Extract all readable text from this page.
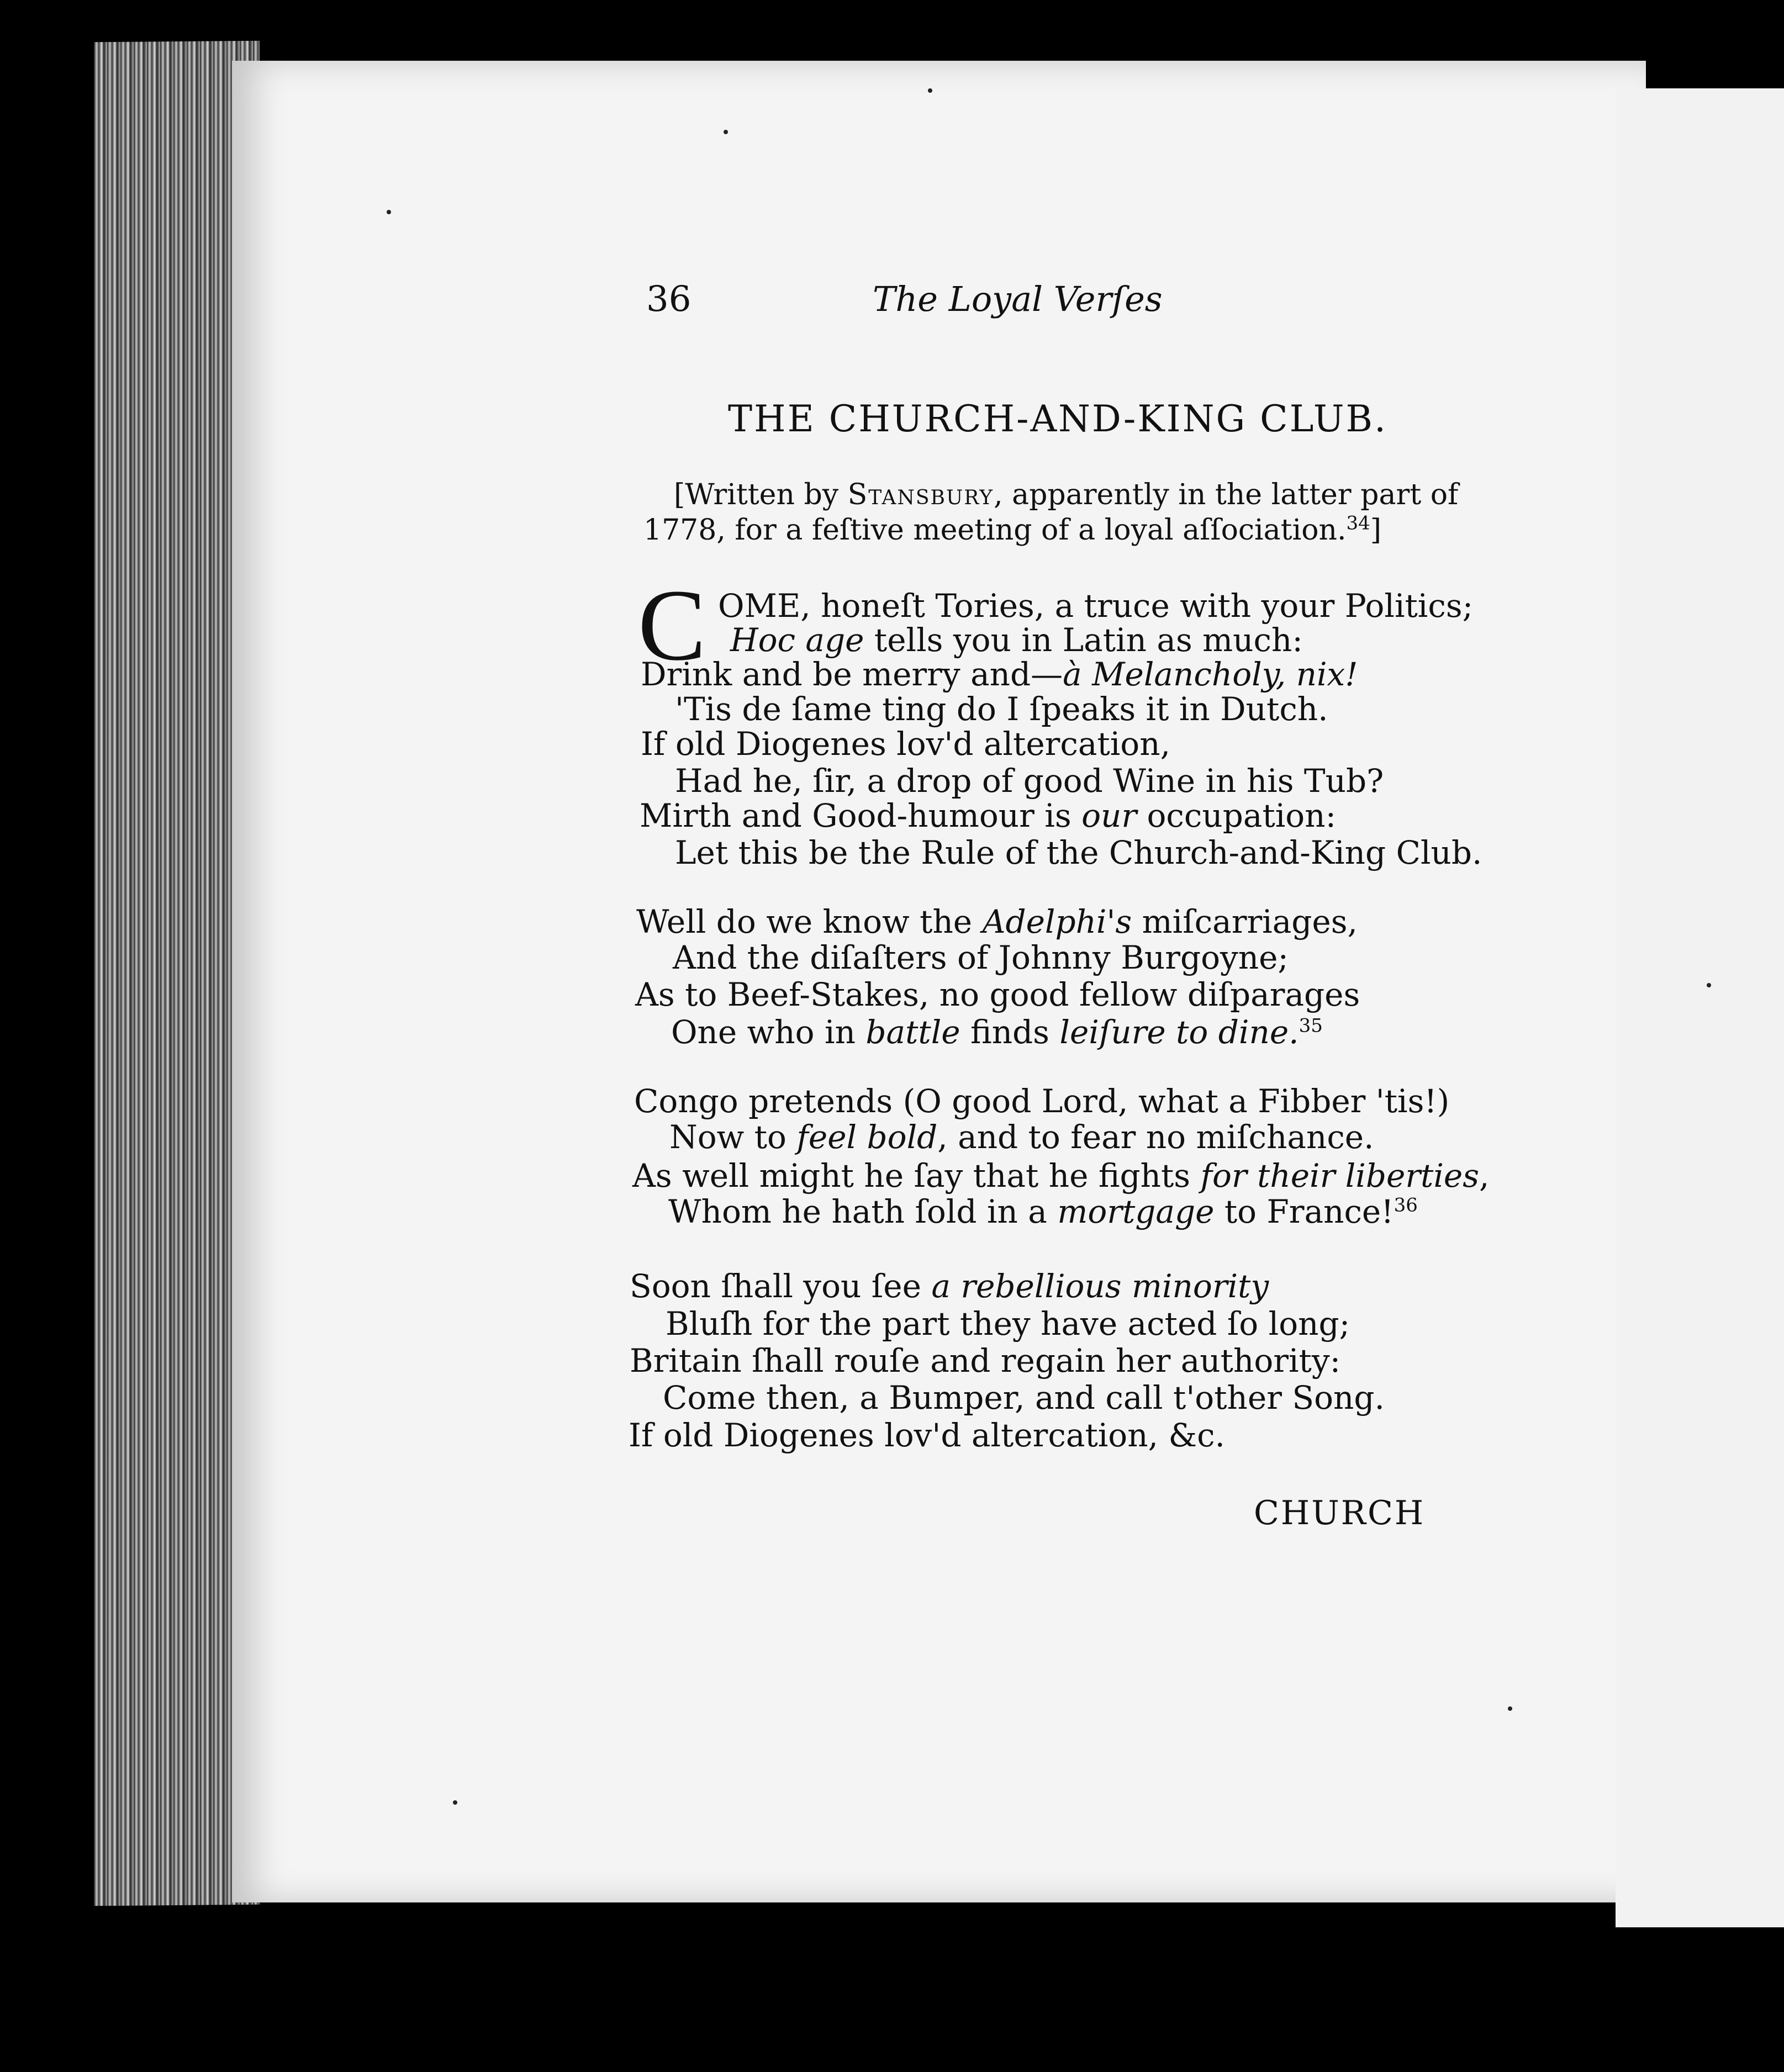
36	The Loyal Verſes
THE CHURCH-AND-KING CLUB.
[Written by Stansbury, apparently in the latter part of
1778, for a feſtive meeting of a loyal aſſociation.$^{34}$]
C OME, honeſt Tories, a truce with your Politics;
Hoc age tells you in Latin as much:
Drink and be merry and—à Melancholy, nix!
'Tis de ſame ting do I ſpeaks it in Dutch.
If old Diogenes lov'd altercation,
Had he, ſir, a drop of good Wine in his Tub?
Mirth and Good-humour is our occupation:
Let this be the Rule of the Church-and-King Club.
Well do we know the Adelphi's miſcarriages,
And the diſaſters of Johnny Burgoyne;
As to Beef-Stakes, no good fellow diſparages
One who in battle finds leiſure to dine.$^{35}$
Congo pretends (O good Lord, what a Fibber 'tis!)
Now to feel bold, and to fear no miſchance.
As well might he ſay that he fights for their liberties,
Whom he hath ſold in a mortgage to France!$^{36}$
Soon ſhall you ſee a rebellious minority
Bluſh for the part they have acted ſo long;
Britain ſhall rouſe and regain her authority:
Come then, a Bumper, and call t'other Song.
If old Diogenes lov'd altercation, &c.
CHURCH
